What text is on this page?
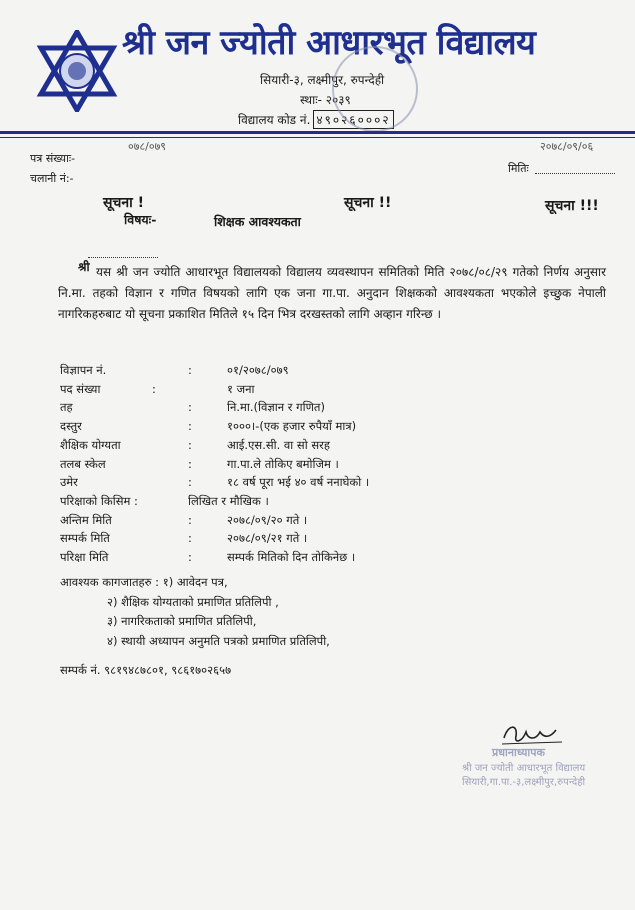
श्री जन ज्योती आधारभूत विद्यालय
सियारी-३, लक्ष्मीपुर, रुपन्देही
स्थाः- २०३९
विद्यालय कोड नं. ४९०२६०००२
०७८/०७९	२०७८/०९/०६
पत्र संख्याः-
चलानी नं:-
मितिः
सूचना !	सूचना !!	सूचना !!!
विषयः-	शिक्षक आवश्यकता
श्री यस श्री जन ज्योति आधारभूत विद्यालयको विद्यालय व्यवस्थापन समितिको मिति २०७८/०८/२९ गतेको निर्णय अनुसार नि.मा. तहको विज्ञान र गणित विषयको लागि एक जना गा.पा. अनुदान शिक्षकको आवश्यकता भएकोले इच्छुक नेपाली नागरिकहरुबाट यो सूचना प्रकाशित मितिले १५ दिन भित्र दरखस्तको लागि अव्हान गरिन्छ ।
विज्ञापन नं.	:	०१/२०७८/०७९
पद संख्या	:	१ जना
तह	:	नि.मा.(विज्ञान र गणित)
दस्तुर	:	१०००।-(एक हजार रुपैयाँ मात्र)
शैक्षिक योग्यता	:	आई.एस.सी. वा सो सरह
तलब स्केल	:	गा.पा.ले तोकिए बमोजिम ।
उमेर	:	१८ वर्ष पूरा भई ४० वर्ष ननाघेको ।
परिक्षाको किसिम :	लिखित र मौखिक ।
अन्तिम मिति	:	२०७८/०९/२० गते ।
सम्पर्क मिति	:	२०७८/०९/२१ गते ।
परिक्षा मिति	:	सम्पर्क मितिको दिन तोकिनेछ ।
आवश्यक कागजातहरु : १) आवेदन पत्र,
२) शैक्षिक योग्यताको प्रमाणित प्रतिलिपी ,
३) नागरिकताको प्रमाणित प्रतिलिपी,
४) स्थायी अध्यापन अनुमति पत्रको प्रमाणित प्रतिलिपी,
सम्पर्क नं. ९८१९४८७८०१, ९८६१७०२६५७
प्रधानाध्यापक
श्री जन ज्योती आधारभूत विद्यालय
सियारी,गा.पा.-३,लक्ष्मीपुर,रुपन्देही
